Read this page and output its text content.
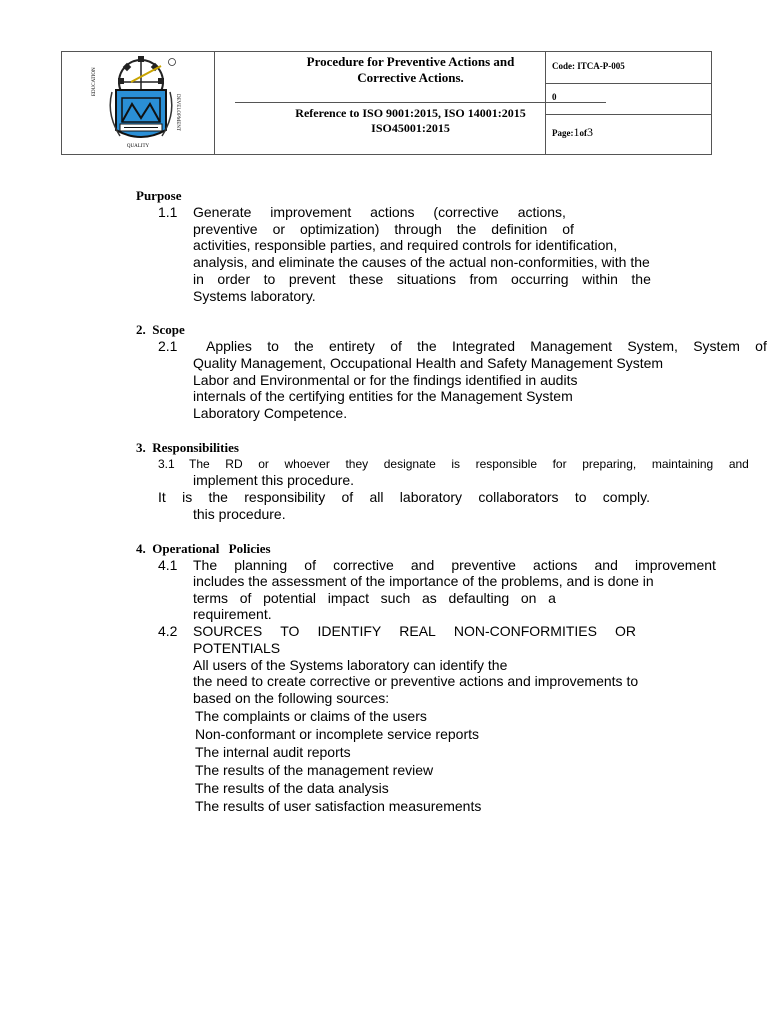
EDUCATION
DEVELOPMENT
QUALITY
Procedure for Preventive Actions and
Corrective Actions.
Reference to ISO 9001:2015, ISO 14001:2015
ISO45001:2015
Code: ITCA-P-005
0
Page:1of3
Purpose
1.1 Generate improvement actions (corrective actions,
preventive or optimization) through the definition of
activities, responsible parties, and required controls for identification,
analysis, and eliminate the causes of the actual non-conformities, with the
in order to prevent these situations from occurring within the
Systems laboratory.
2. Scope
2.1 Applies to the entirety of the Integrated Management System, System of
Quality Management, Occupational Health and Safety Management System
Labor and Environmental or for the findings identified in audits
internals of the certifying entities for the Management System
Laboratory Competence.
3. Responsibilities
3.1 The RD or whoever they designate is responsible for preparing, maintaining and
implement this procedure.
It is the responsibility of all laboratory collaborators to comply.
this procedure.
4. Operational Policies
4.1 The planning of corrective and preventive actions and improvement
includes the assessment of the importance of the problems, and is done in
terms of potential impact such as defaulting on a
requirement.
4.2 SOURCES TO IDENTIFY REAL NON-CONFORMITIES OR
POTENTIALS
All users of the Systems laboratory can identify the
the need to create corrective or preventive actions and improvements to
based on the following sources:
The complaints or claims of the users
Non-conformant or incomplete service reports
The internal audit reports
The results of the management review
The results of the data analysis
The results of user satisfaction measurements
